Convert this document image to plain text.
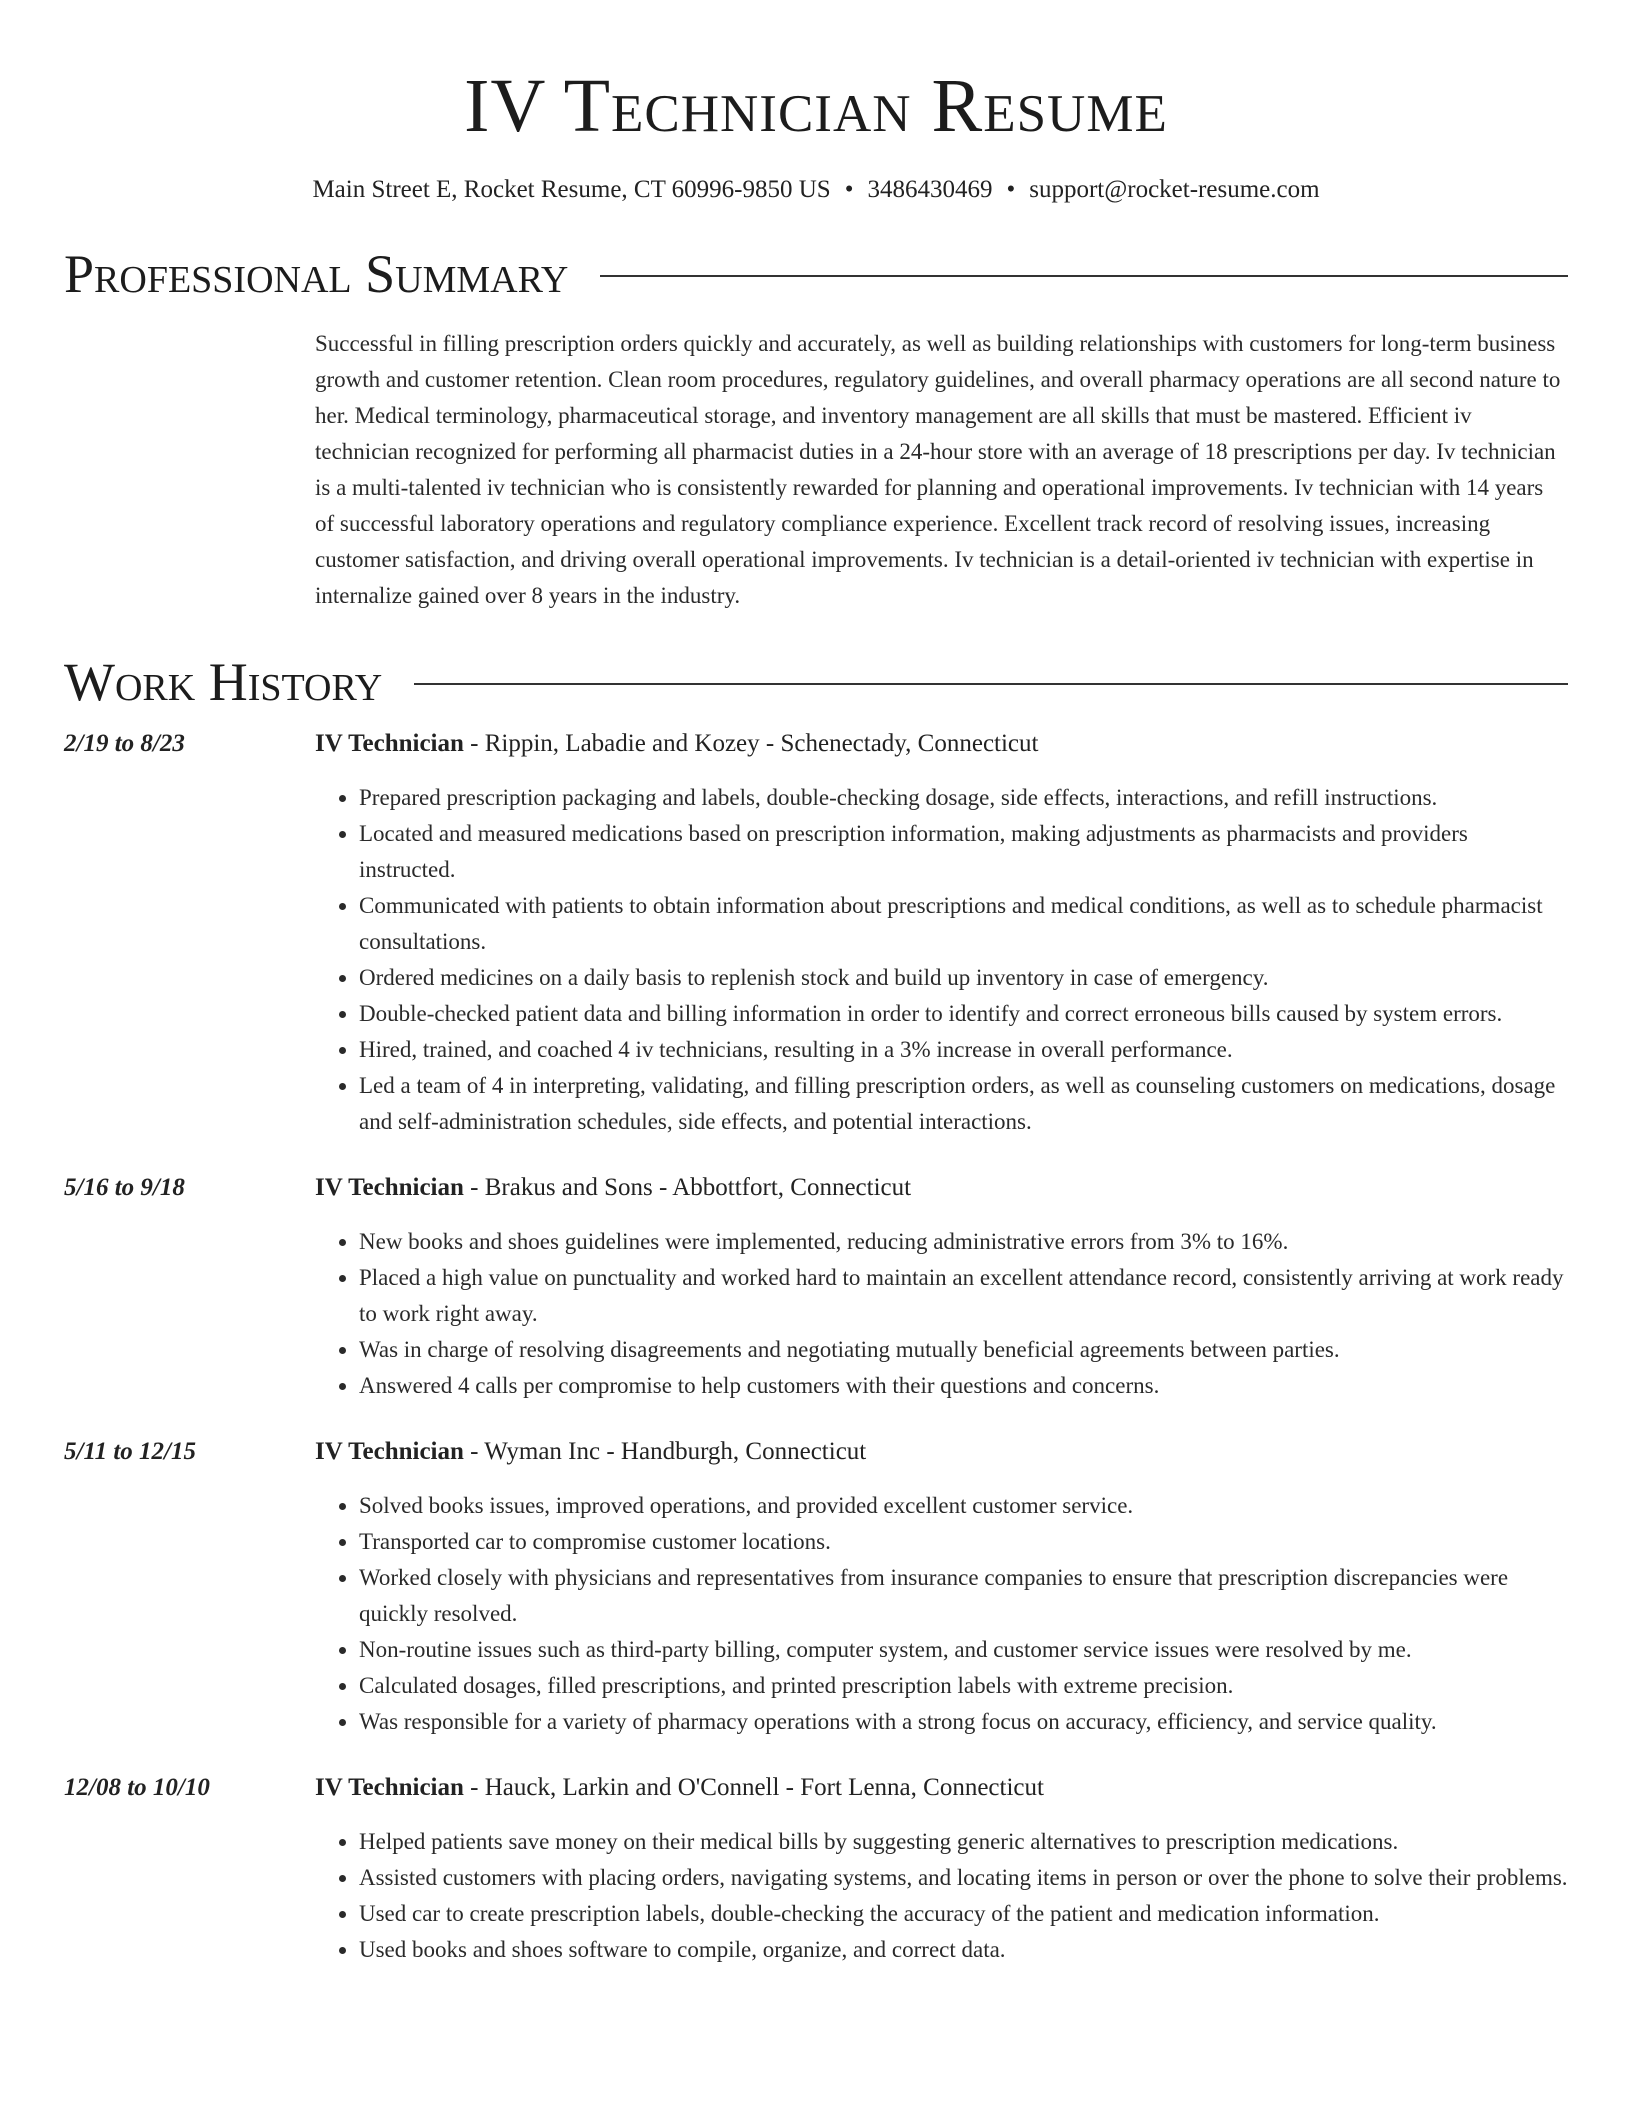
IV Technician Resume
Main Street E, Rocket Resume, CT 60996-9850 US • 3486430469 • support@rocket-resume.com
Professional Summary
Successful in filling prescription orders quickly and accurately, as well as building relationships with customers for long-term business growth and customer retention. Clean room procedures, regulatory guidelines, and overall pharmacy operations are all second nature to her. Medical terminology, pharmaceutical storage, and inventory management are all skills that must be mastered. Efficient iv technician recognized for performing all pharmacist duties in a 24-hour store with an average of 18 prescriptions per day. Iv technician is a multi-talented iv technician who is consistently rewarded for planning and operational improvements. Iv technician with 14 years of successful laboratory operations and regulatory compliance experience. Excellent track record of resolving issues, increasing customer satisfaction, and driving overall operational improvements. Iv technician is a detail-oriented iv technician with expertise in internalize gained over 8 years in the industry.
Work History
2/19 to 8/23	IV Technician - Rippin, Labadie and Kozey - Schenectady, Connecticut
• Prepared prescription packaging and labels, double-checking dosage, side effects, interactions, and refill instructions.
• Located and measured medications based on prescription information, making adjustments as pharmacists and providers instructed.
• Communicated with patients to obtain information about prescriptions and medical conditions, as well as to schedule pharmacist consultations.
• Ordered medicines on a daily basis to replenish stock and build up inventory in case of emergency.
• Double-checked patient data and billing information in order to identify and correct erroneous bills caused by system errors.
• Hired, trained, and coached 4 iv technicians, resulting in a 3% increase in overall performance.
• Led a team of 4 in interpreting, validating, and filling prescription orders, as well as counseling customers on medications, dosage and self-administration schedules, side effects, and potential interactions.
5/16 to 9/18	IV Technician - Brakus and Sons - Abbottfort, Connecticut
• New books and shoes guidelines were implemented, reducing administrative errors from 3% to 16%.
• Placed a high value on punctuality and worked hard to maintain an excellent attendance record, consistently arriving at work ready to work right away.
• Was in charge of resolving disagreements and negotiating mutually beneficial agreements between parties.
• Answered 4 calls per compromise to help customers with their questions and concerns.
5/11 to 12/15	IV Technician - Wyman Inc - Handburgh, Connecticut
• Solved books issues, improved operations, and provided excellent customer service.
• Transported car to compromise customer locations.
• Worked closely with physicians and representatives from insurance companies to ensure that prescription discrepancies were quickly resolved.
• Non-routine issues such as third-party billing, computer system, and customer service issues were resolved by me.
• Calculated dosages, filled prescriptions, and printed prescription labels with extreme precision.
• Was responsible for a variety of pharmacy operations with a strong focus on accuracy, efficiency, and service quality.
12/08 to 10/10	IV Technician - Hauck, Larkin and O'Connell - Fort Lenna, Connecticut
• Helped patients save money on their medical bills by suggesting generic alternatives to prescription medications.
• Assisted customers with placing orders, navigating systems, and locating items in person or over the phone to solve their problems.
• Used car to create prescription labels, double-checking the accuracy of the patient and medication information.
• Used books and shoes software to compile, organize, and correct data.
